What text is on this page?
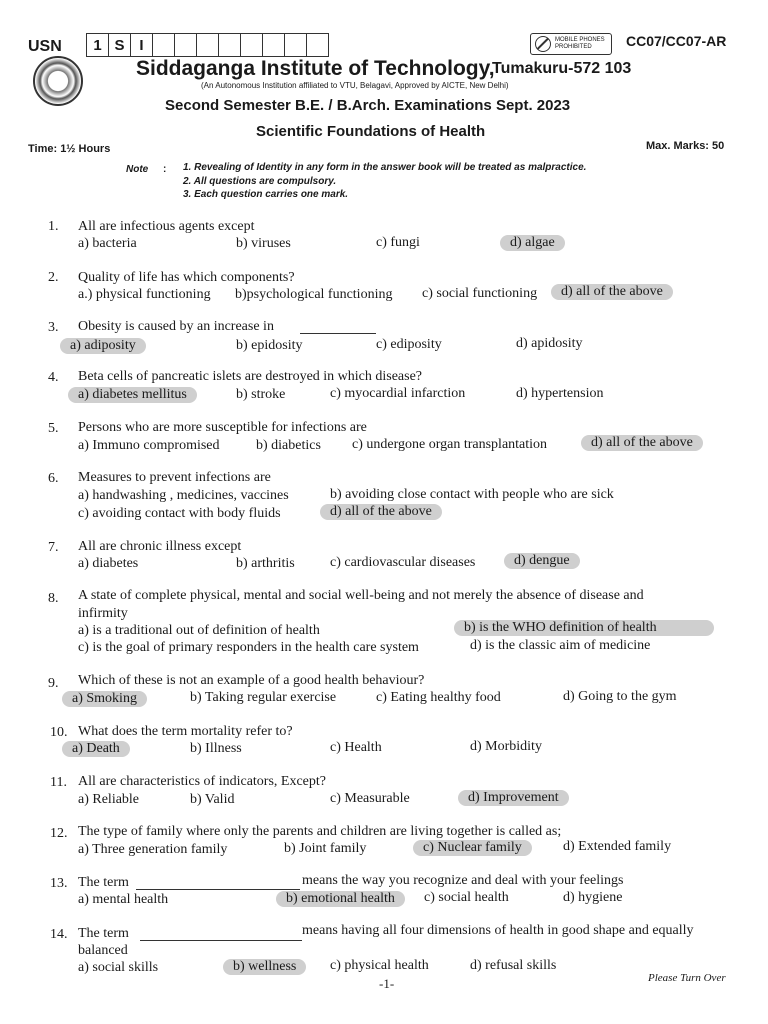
USN	1 S I	MOBILE PHONES PROHIBITED	CC07/CC07-AR
Siddaganga Institute of Technology,
Tumakuru-572 103
(An Autonomous Institution affiliated to VTU, Belagavi, Approved by AICTE, New Delhi)
Second Semester B.E. / B.Arch. Examinations Sept. 2023
Scientific Foundations of Health
Time: 1½ Hours	Max. Marks: 50
Note : 1. Revealing of Identity in any form in the answer book will be treated as malpractice.
2. All questions are compulsory.
3. Each question carries one mark.
1. All are infectious agents except
a) bacteria	b) viruses	c) fungi	d) algae
2. Quality of life has which components?
a.) physical functioning b)psychological functioning c) social functioning	d) all of the above
3. Obesity is caused by an increase in
a) adiposity	b) epidosity	c) ediposity	d) apidosity
4. Beta cells of pancreatic islets are destroyed in which disease?
a) diabetes mellitus	b) stroke	c) myocardial infarction	d) hypertension
5. Persons who are more susceptible for infections are
a) Immuno compromised	b) diabetics c) undergone organ transplantation	d) all of the above
6. Measures to prevent infections are
a) handwashing , medicines, vaccines	b) avoiding close contact with people who are sick
c) avoiding contact with body fluids	d) all of the above
7. All are chronic illness except
a) diabetes	b) arthritis	c) cardiovascular diseases	d) dengue
8. A state of complete physical, mental and social well-being and not merely the absence of disease and
infirmity
a) is a traditional out of definition of health	b) is the WHO definition of health
c) is the goal of primary responders in the health care system	d) is the classic aim of medicine
9. Which of these is not an example of a good health behaviour?
a) Smoking	b) Taking regular exercise	c) Eating healthy food	d) Going to the gym
10. What does the term mortality refer to?
a) Death	b) Illness	c) Health	d) Morbidity
11. All are characteristics of indicators, Except?
a) Reliable	b) Valid	c) Measurable	d) Improvement
12. The type of family where only the parents and children are living together is called as;
a) Three generation family	b) Joint family	c) Nuclear family	d) Extended family
13. The term	means the way you recognize and deal with your feelings
a) mental health	b) emotional health	c) social health	d) hygiene
14. The term	means having all four dimensions of health in good shape and equally
balanced
a) social skills	b) wellness	c) physical health	d) refusal skills
-1-	Please Turn Over
